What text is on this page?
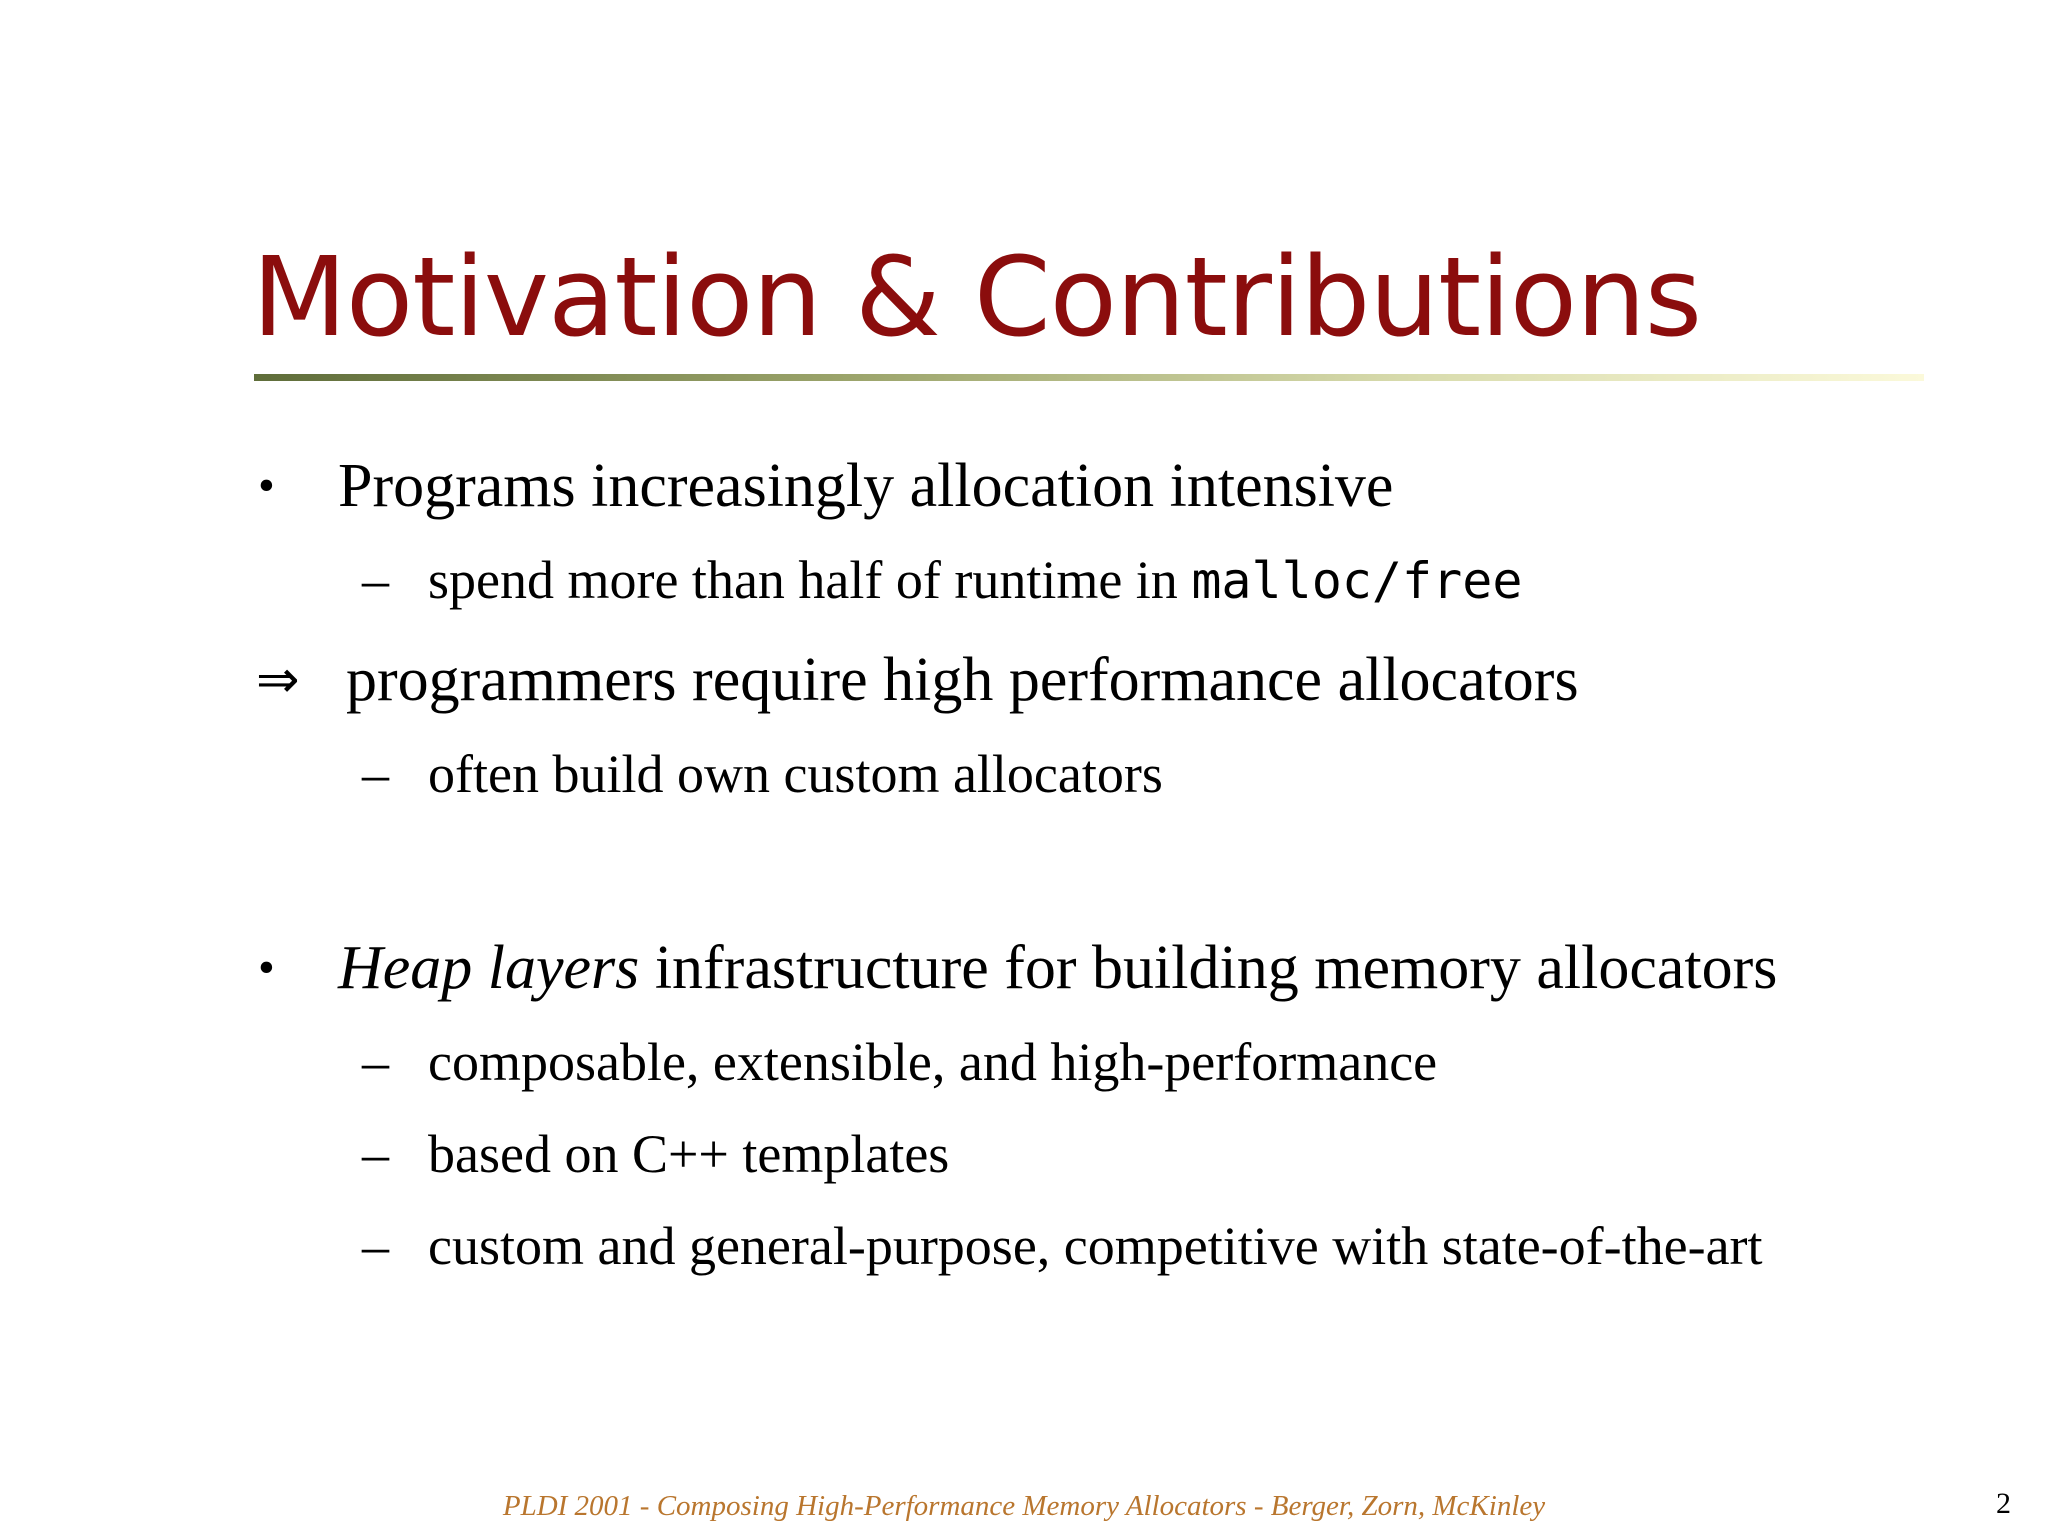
Motivation & Contributions
• Programs increasingly allocation intensive
– spend more than half of runtime in malloc/free
⇒ programmers require high performance allocators
– often build own custom allocators
• Heap layers infrastructure for building memory allocators
– composable, extensible, and high-performance
– based on C++ templates
– custom and general-purpose, competitive with state-of-the-art
PLDI 2001 - Composing High-Performance Memory Allocators - Berger, Zorn, McKinley	2
